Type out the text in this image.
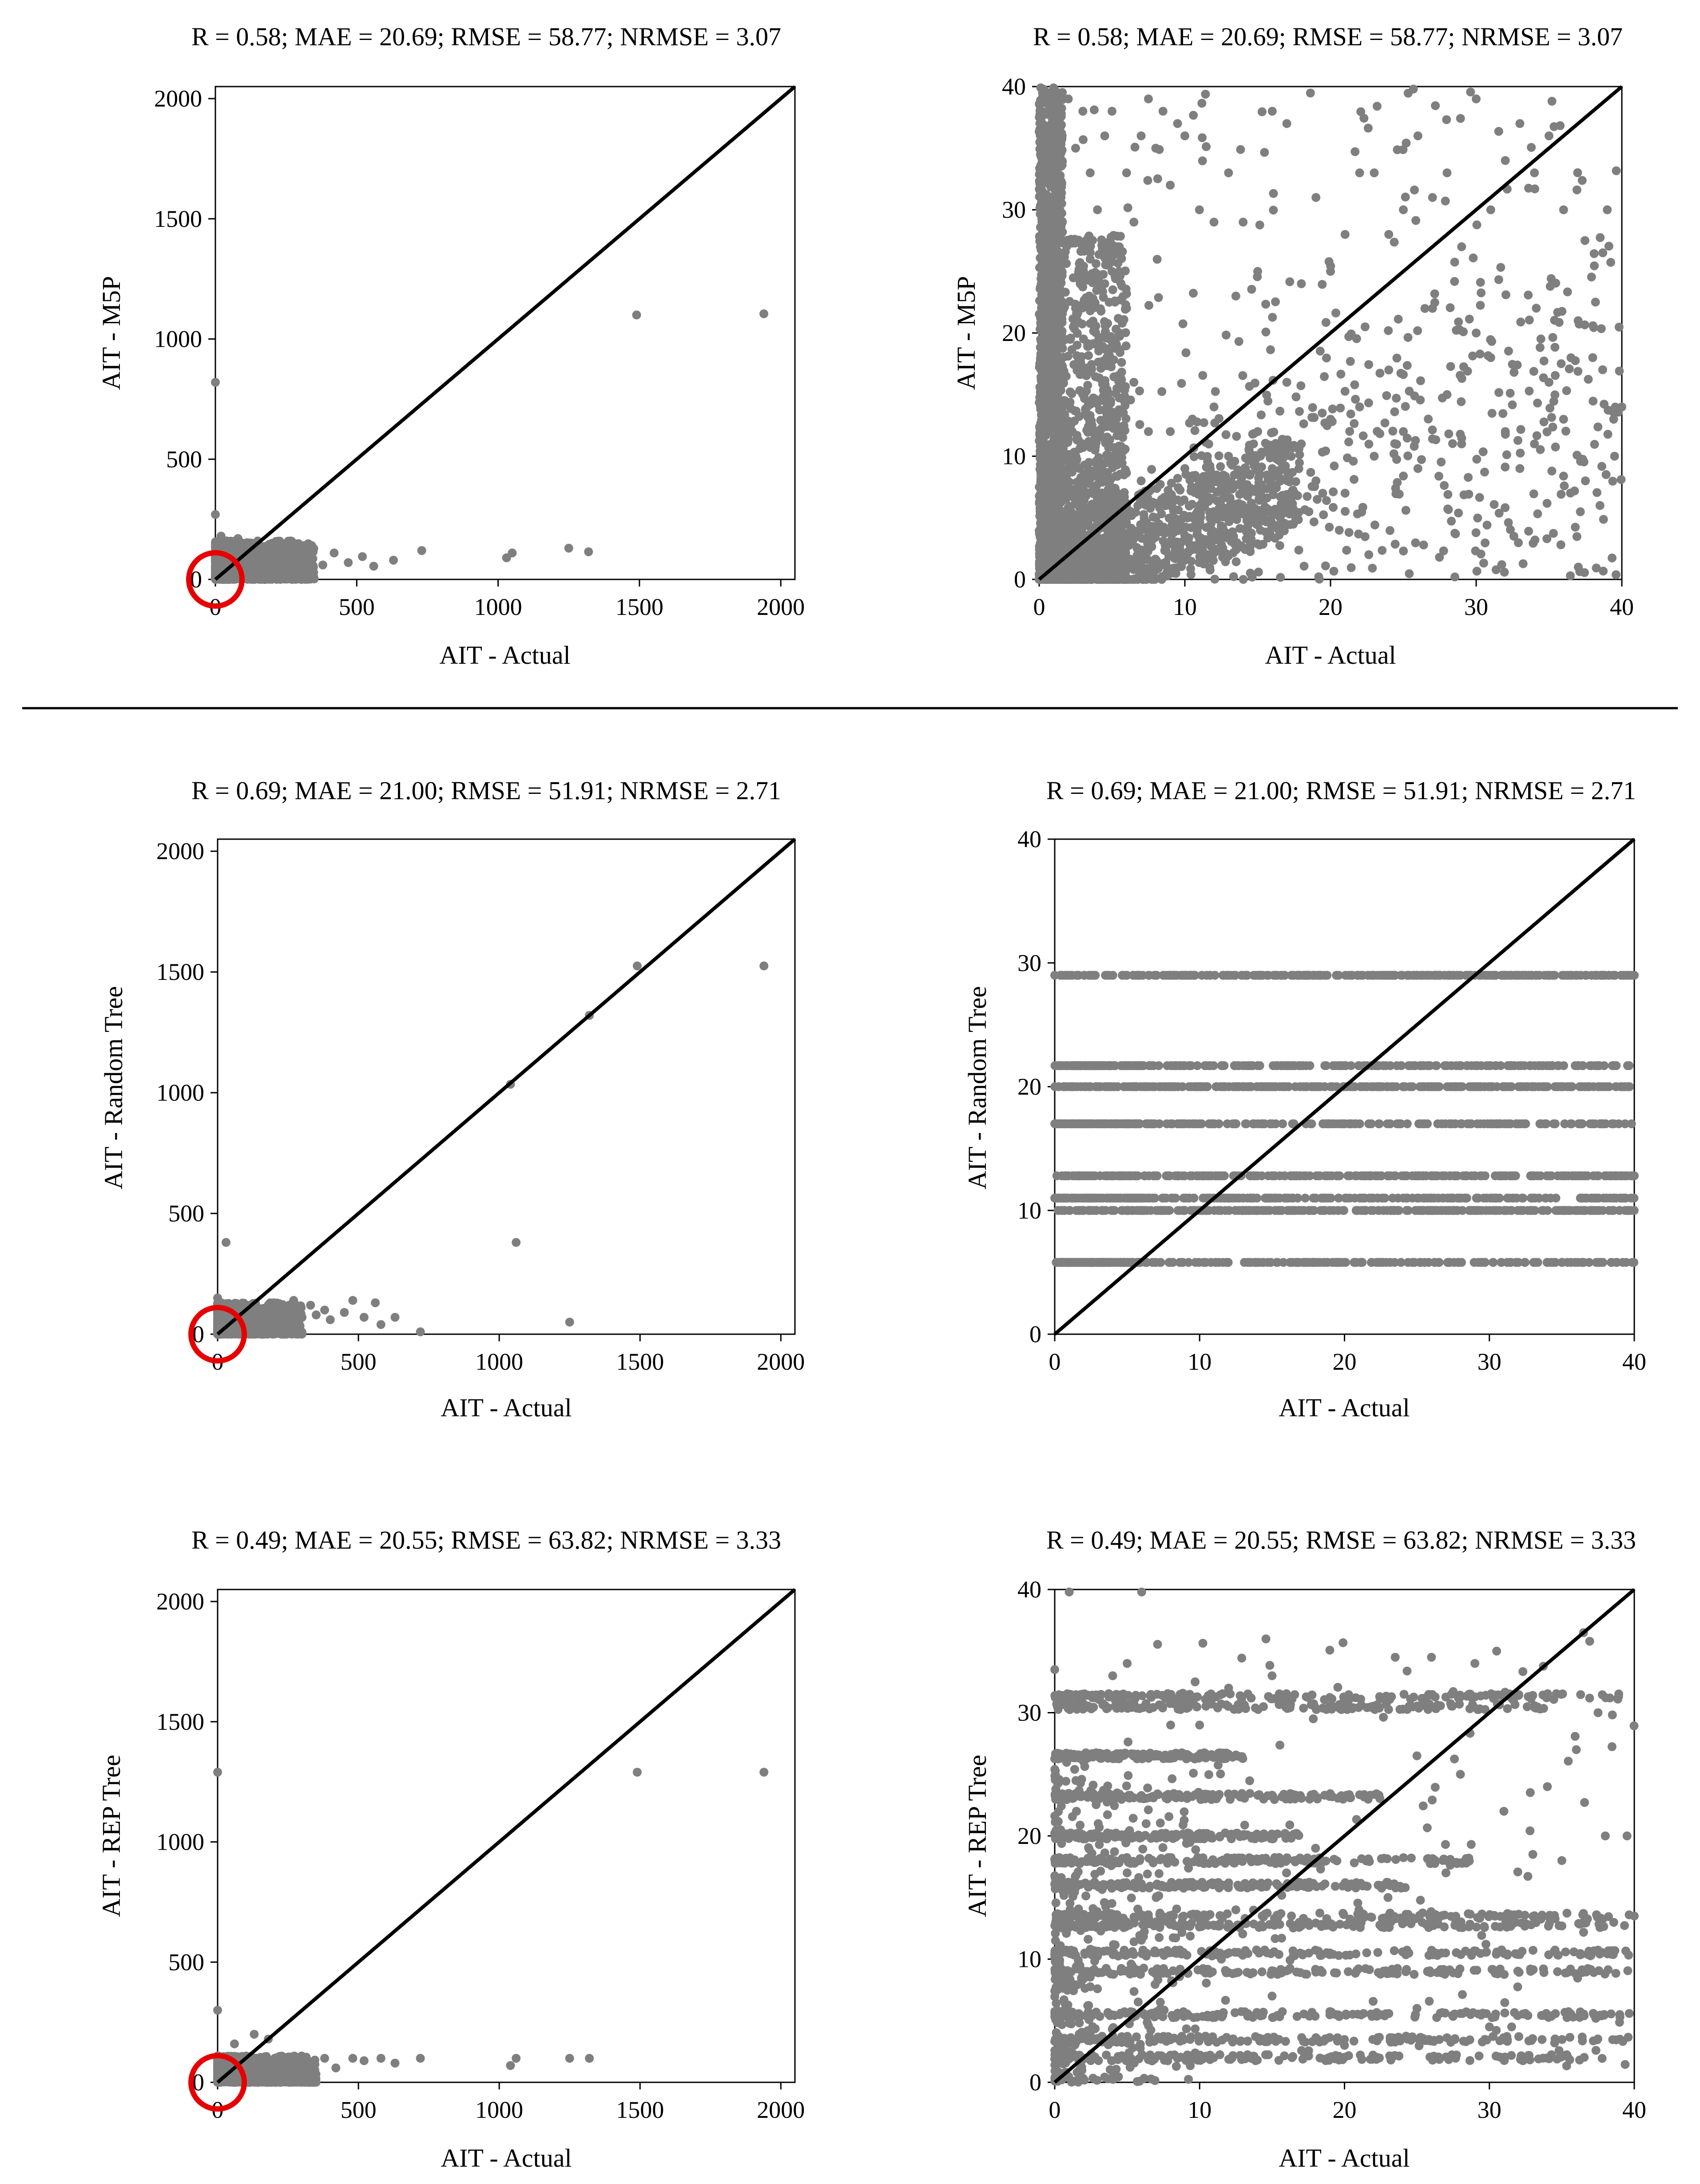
R = 0.58; MAE = 20.69; RMSE = 58.77; NRMSE = 3.07
AIT - Actual
AIT - M5P
0	500	1000	1500	2000
0
500
1000
1500
2000
R = 0.58; MAE = 20.69; RMSE = 58.77; NRMSE = 3.07
AIT - Actual
AIT - M5P
0	10	20	30	40
0
10
20
30
40
R = 0.69; MAE = 21.00; RMSE = 51.91; NRMSE = 2.71
AIT - Actual
AIT - Random Tree
0	500	1000	1500	2000
0
500
1000
1500
2000
R = 0.69; MAE = 21.00; RMSE = 51.91; NRMSE = 2.71
AIT - Actual
AIT - Random Tree
0	10	20	30	40
0
10
20
30
40
R = 0.49; MAE = 20.55; RMSE = 63.82; NRMSE = 3.33
AIT - Actual
AIT - REP Tree
0	500	1000	1500	2000
0
500
1000
1500
2000
R = 0.49; MAE = 20.55; RMSE = 63.82; NRMSE = 3.33
AIT - Actual
AIT - REP Tree
0	10	20	30	40
0
10
20
30
40
